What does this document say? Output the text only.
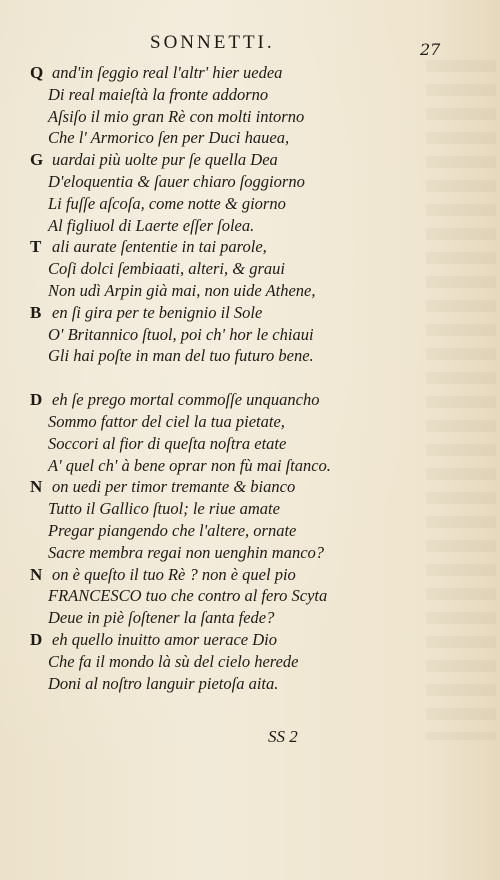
SONNETTI.	27
Q and'in ſeggio real l'altr' hier uedea
Di real maieſtà la fronte addorno
Aſsiſo il mio gran Rè con molti intorno
Che l' Armorico ſen per Duci hauea,
G uardai più uolte pur ſe quella Dea
D'eloquentia & ſauer chiaro ſoggiorno
Li fuſſe aſcoſa, come notte & giorno
Al figliuol di Laerte eſſer ſolea.
T ali aurate ſententie in tai parole,
Coſi dolci ſembiaati, alteri, & graui
Non udì Arpin già mai, non uide Athene,
B en ſi gira per te benignio il Sole
O' Britannico ſtuol, poi ch' hor le chiaui
Gli hai poſte in man del tuo futuro bene.
D eh ſe prego mortal commoſſe unquancho
Sommo fattor del ciel la tua pietate,
Soccori al fior di queſta noſtra etate
A' quel ch' à bene oprar non fù mai ſtanco.
N on uedi per timor tremante & bianco
Tutto il Gallico ſtuol; le riue amate
Pregar piangendo che l'altere, ornate
Sacre membra regai non uenghin manco?
N on è queſto il tuo Rè ? non è quel pio
FRANCESCO tuo che contro al fero Scyta
Deue in piè ſoſtener la ſanta fede?
D eh quello inuitto amor uerace Dio
Che fa il mondo là sù del cielo herede
Doni al noſtro languir pietoſa aita.
SS 2
